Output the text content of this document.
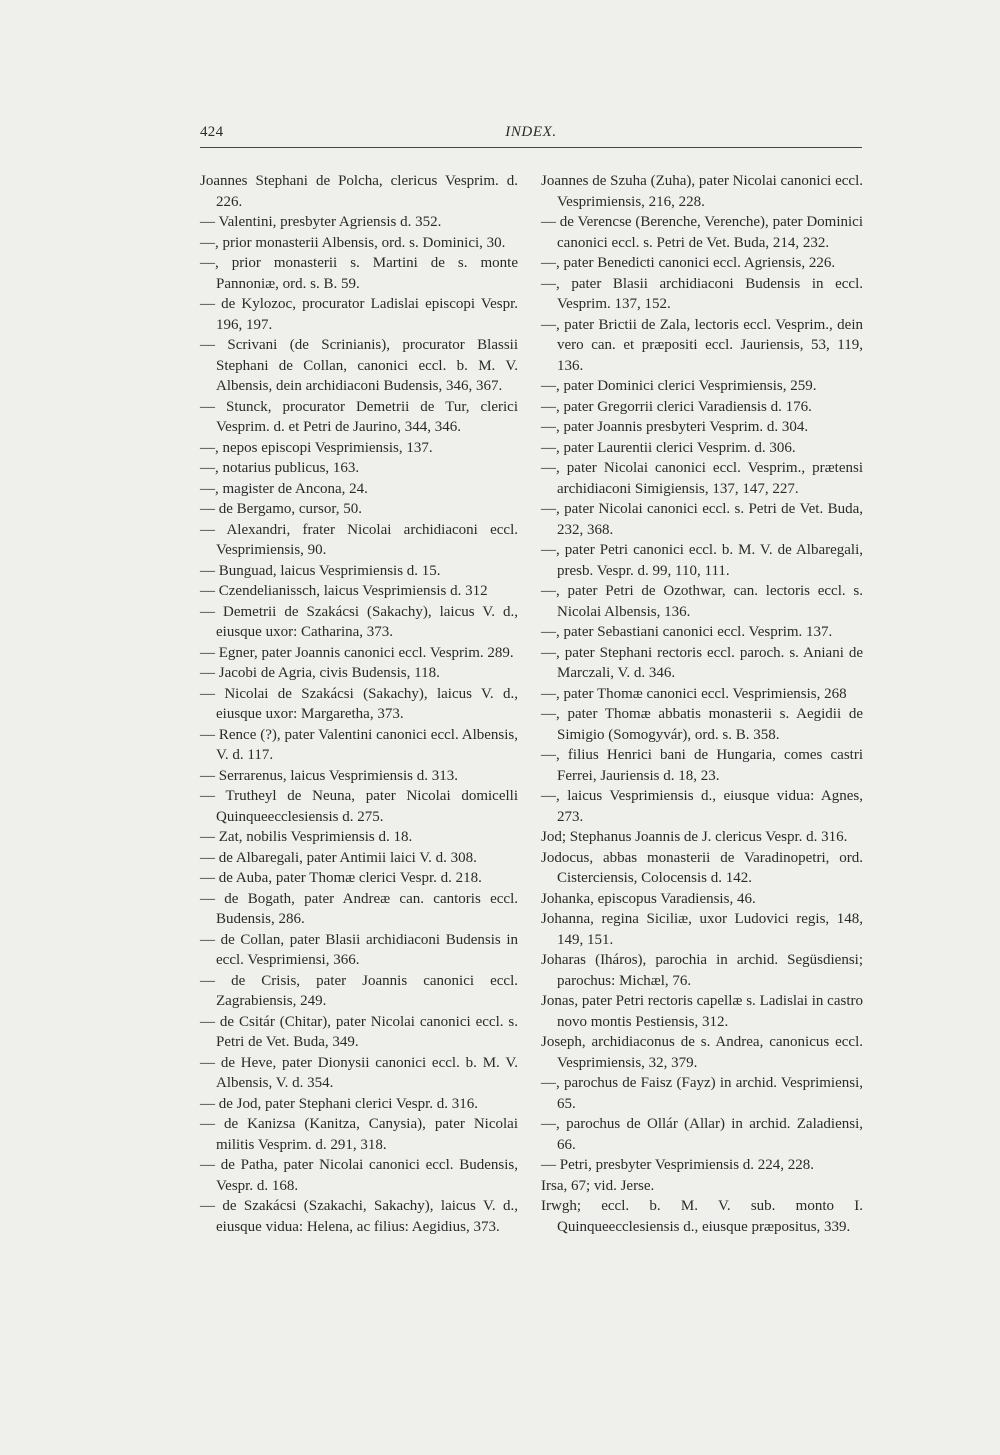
424	INDEX.

Joannes Stephani de Polcha, clericus Vesprim. d. 226.

— Valentini, presbyter Agriensis d. 352.

—, prior monasterii Albensis, ord. s. Dominici, 30.

—, prior monasterii s. Martini de s. monte Pannoniæ, ord. s. B. 59.

— de Kylozoc, procurator Ladislai episcopi Vespr. 196, 197.

— Scrivani (de Scrinianis), procurator Blassii Stephani de Collan, canonici eccl. b. M. V. Albensis, dein archidiaconi Budensis, 346, 367.

— Stunck, procurator Demetrii de Tur, clerici Vesprim. d. et Petri de Jaurino, 344, 346.

—, nepos episcopi Vesprimiensis, 137.

—, notarius publicus, 163.

—, magister de Ancona, 24.

— de Bergamo, cursor, 50.

— Alexandri, frater Nicolai archidiaconi eccl. Vesprimiensis, 90.

— Bunguad, laicus Vesprimiensis d. 15.

— Czendelianissch, laicus Vesprimiensis d. 312

— Demetrii de Szakácsi (Sakachy), laicus V. d., eiusque uxor: Catharina, 373.

— Egner, pater Joannis canonici eccl. Vesprim. 289.

— Jacobi de Agria, civis Budensis, 118.

— Nicolai de Szakácsi (Sakachy), laicus V. d., eiusque uxor: Margaretha, 373.

— Rence (?), pater Valentini canonici eccl. Albensis, V. d. 117.

— Serrarenus, laicus Vesprimiensis d. 313.

— Trutheyl de Neuna, pater Nicolai domicelli Quinqueecclesiensis d. 275.

— Zat, nobilis Vesprimiensis d. 18.

— de Albaregali, pater Antimii laici V. d. 308.

— de Auba, pater Thomæ clerici Vespr. d. 218.

— de Bogath, pater Andreæ can. cantoris eccl. Budensis, 286.

— de Collan, pater Blasii archidiaconi Budensis in eccl. Vesprimiensi, 366.

— de Crisis, pater Joannis canonici eccl. Zagrabiensis, 249.

— de Csitár (Chitar), pater Nicolai canonici eccl. s. Petri de Vet. Buda, 349.

— de Heve, pater Dionysii canonici eccl. b. M. V. Albensis, V. d. 354.

— de Jod, pater Stephani clerici Vespr. d. 316.

— de Kanizsa (Kanitza, Canysia), pater Nicolai militis Vesprim. d. 291, 318.

— de Patha, pater Nicolai canonici eccl. Budensis, Vespr. d. 168.

— de Szakácsi (Szakachi, Sakachy), laicus V. d., eiusque vidua: Helena, ac filius: Aegidius, 373.

Joannes de Szuha (Zuha), pater Nicolai canonici eccl. Vesprimiensis, 216, 228.

— de Verencse (Berenche, Verenche), pater Dominici canonici eccl. s. Petri de Vet. Buda, 214, 232.

—, pater Benedicti canonici eccl. Agriensis, 226.

—, pater Blasii archidiaconi Budensis in eccl. Vesprim. 137, 152.

—, pater Brictii de Zala, lectoris eccl. Vesprim., dein vero can. et præpositi eccl. Jauriensis, 53, 119, 136.

—, pater Dominici clerici Vesprimiensis, 259.

—, pater Gregorrii clerici Varadiensis d. 176.

—, pater Joannis presbyteri Vesprim. d. 304.

—, pater Laurentii clerici Vesprim. d. 306.

—, pater Nicolai canonici eccl. Vesprim., prætensi archidiaconi Simigiensis, 137, 147, 227.

—, pater Nicolai canonici eccl. s. Petri de Vet. Buda, 232, 368.

—, pater Petri canonici eccl. b. M. V. de Albaregali, presb. Vespr. d. 99, 110, 111.

—, pater Petri de Ozothwar, can. lectoris eccl. s. Nicolai Albensis, 136.

—, pater Sebastiani canonici eccl. Vesprim. 137.

—, pater Stephani rectoris eccl. paroch. s. Aniani de Marczali, V. d. 346.

—, pater Thomæ canonici eccl. Vesprimiensis, 268

—, pater Thomæ abbatis monasterii s. Aegidii de Simigio (Somogyvár), ord. s. B. 358.

—, filius Henrici bani de Hungaria, comes castri Ferrei, Jauriensis d. 18, 23.

—, laicus Vesprimiensis d., eiusque vidua: Agnes, 273.

Jod; Stephanus Joannis de J. clericus Vespr. d. 316.

Jodocus, abbas monasterii de Varadinopetri, ord. Cisterciensis, Colocensis d. 142.

Johanka, episcopus Varadiensis, 46.

Johanna, regina Siciliæ, uxor Ludovici regis, 148, 149, 151.

Joharas (Iháros), parochia in archid. Següsdiensi; parochus: Michæl, 76.

Jonas, pater Petri rectoris capellæ s. Ladislai in castro novo montis Pestiensis, 312.

Joseph, archidiaconus de s. Andrea, canonicus eccl. Vesprimiensis, 32, 379.

—, parochus de Faisz (Fayz) in archid. Vesprimiensi, 65.

—, parochus de Ollár (Allar) in archid. Zaladiensi, 66.

— Petri, presbyter Vesprimiensis d. 224, 228.

Irsa, 67; vid. Jerse.

Irwgh; eccl. b. M. V. sub. monto I. Quinqueecclesiensis d., eiusque præpositus, 339.
